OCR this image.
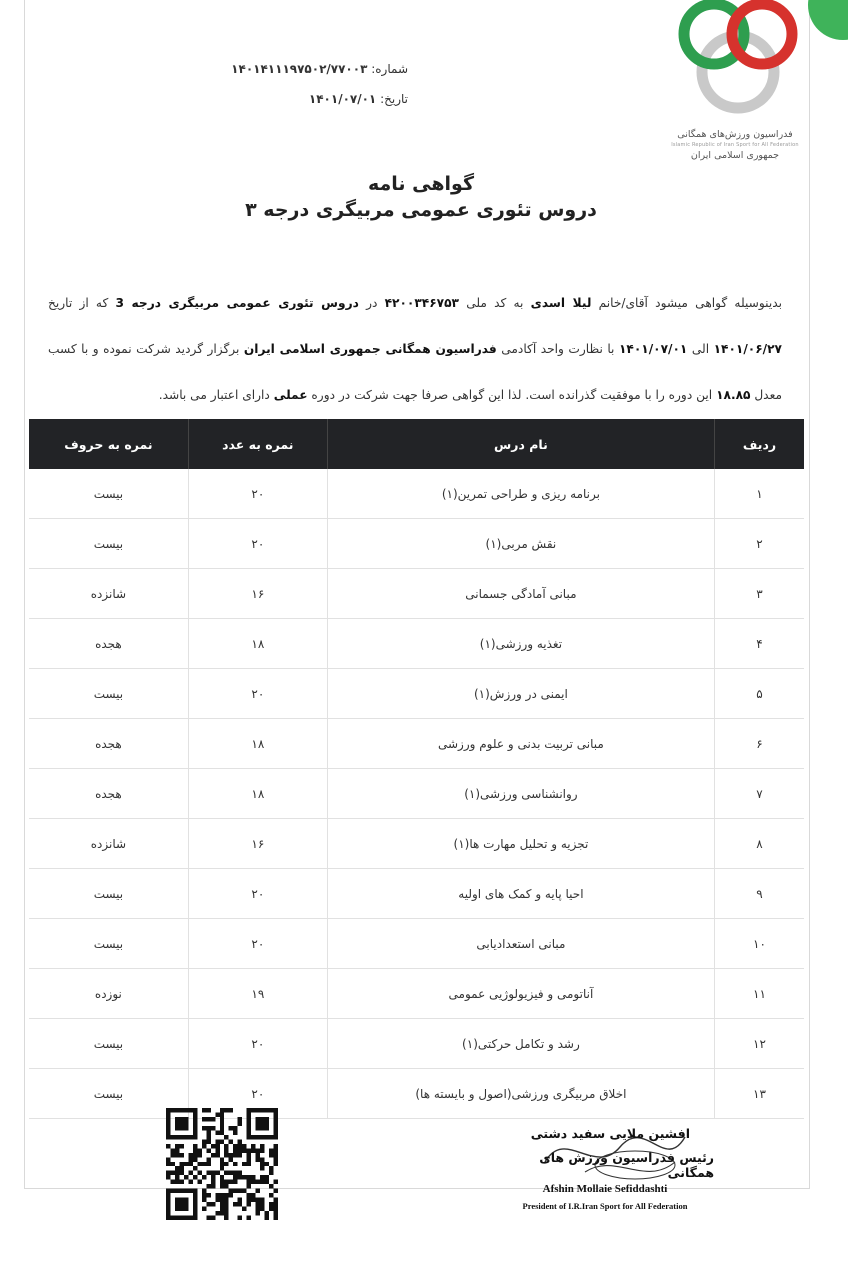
فدراسیون ورزش‌های همگانی
Islamic Republic of Iran Sport for All Federation
جمهوری اسلامی ایران
شماره: ۱۴۰۱۴۱۱۱۹۷۵۰۲/۷۷۰۰۳
تاریخ: ۱۴۰۱/۰۷/۰۱
گواهی نامه
دروس تئوری عمومی مربیگری درجه ۳
بدینوسیله گواهی میشود آقای/خانم لیلا اسدی به کد ملی ۴۲۰۰۳۴۶۷۵۳ در دروس تئوری عمومی مربیگری درجه 3 که از تاریخ ۱۴۰۱/۰۶/۲۷ الی ۱۴۰۱/۰۷/۰۱ با نظارت واحد آکادمی فدراسیون همگانی جمهوری اسلامی ایران برگزار گردید شرکت نموده و با کسب معدل ۱۸.۸۵ این دوره را با موفقیت گذرانده است. لذا این گواهی صرفا جهت شرکت در دوره عملی دارای اعتبار می باشد.
ردیف	نام درس	نمره به عدد	نمره به حروف
۱	برنامه ریزی و طراحی تمرین(۱)	۲۰	بیست
۲	نقش مربی(۱)	۲۰	بیست
۳	مبانی آمادگی جسمانی	۱۶	شانزده
۴	تغذیه ورزشی(۱)	۱۸	هجده
۵	ایمنی در ورزش(۱)	۲۰	بیست
۶	مبانی تربیت بدنی و علوم ورزشی	۱۸	هجده
۷	روانشناسی ورزشی(۱)	۱۸	هجده
۸	تجزیه و تحلیل مهارت ها(۱)	۱۶	شانزده
۹	احیا پایه و کمک های اولیه	۲۰	بیست
۱۰	مبانی استعدادیابی	۲۰	بیست
۱۱	آناتومی و فیزیولوژیی عمومی	۱۹	نوزده
۱۲	رشد و تکامل حرکتی(۱)	۲۰	بیست
۱۳	اخلاق مربیگری ورزشی(اصول و بایسته ها)	۲۰	بیست
افشین ملایی سفید دشتی
رئیس فدراسیون ورزش های همگانی
Afshin Mollaie Sefiddashti
President of I.R.Iran Sport for All Federation
